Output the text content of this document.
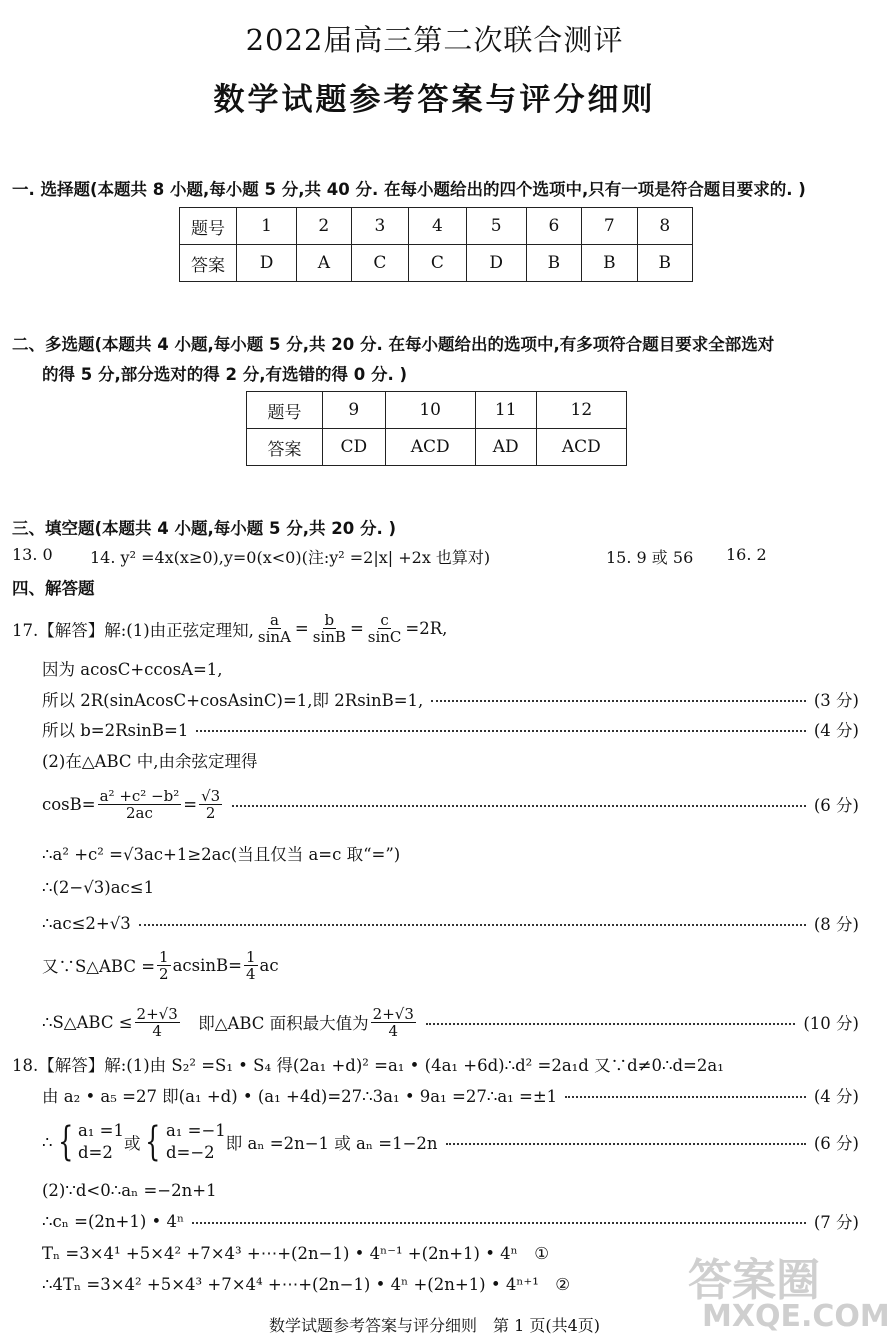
2022届高三第二次联合测评
数学试题参考答案与评分细则
一. 选择题(本题共 8 小题,每小题 5 分,共 40 分. 在每小题给出的四个选项中,只有一项是符合题目要求的. )
题号	1	2	3	4	5	6	7	8
答案	D	A	C	C	D	B	B	B
二、多选题(本题共 4 小题,每小题 5 分,共 20 分. 在每小题给出的选项中,有多项符合题目要求全部选对
的得 5 分,部分选对的得 2 分,有选错的得 0 分. )
题号	9	10	11	12
答案	CD	ACD	AD	ACD
三、填空题(本题共 4 小题,每小题 5 分,共 20 分. )
13. 0 14. y² =4x(x≥0),y=0(x<0)(注:y² =2|x| +2x 也算对)	15. 9 或 56 16. 2
四、解答题
17.【解答】解:(1)由正弦定理知, $\frac{a}{\sin A} = \frac{b}{\sin B} = \frac{c}{\sin C} =2R$,
因为 acosC+ccosA=1,
所以 2R(sinAcosC+cosAsinC)=1,即 2RsinB=1,	(3 分)
所以 b=2RsinB=1	(4 分)
(2)在△ABC 中,由余弦定理得
$\cos B= \frac{\text{a² +c² −b²}}{2ac} = \frac{√3}{2}$	(6 分)
∴a² +c² =√3ac+1≥2ac(当且仅当 a=c 取“=”)
∴(2−√3)ac≤1
∴ac≤2+√3	(8 分)
又∵S△ABC = $\frac{1}{2} acsinB= \frac{1}{4}$ ac
∴S△ABC ≤ $\frac{2+√3}{4}$ 　即△ABC 面积最大值为 $\frac{2+√3}{4}$	(10 分)
18.【解答】解:(1)由 S₂² =S₁ • S₄ 得(2a₁ +d)² =a₁ • (4a₁ +6d)∴d² =2a₁d 又∵d≠0∴d=2a₁
由 a₂ • a₅ =27 即(a₁ +d) • (a₁ +4d)=27∴3a₁ • 9a₁ =27∴a₁ =±1	(4 分)
∴ { a₁ =1
d=2 或 { a₁ =−1
d=−2 即 aₙ =2n−1 或 aₙ =1−2n	(6 分)
(2)∵d<0∴aₙ =−2n+1
∴cₙ =(2n+1) • 4ⁿ	(7 分)
Tₙ =3×4¹ +5×4² +7×4³ +⋯+(2n−1) • 4ⁿ⁻¹ +(2n+1) • 4ⁿ　①
∴4Tₙ =3×4² +5×4³ +7×4⁴ +⋯+(2n−1) • 4ⁿ +(2n+1) • 4ⁿ⁺¹　②	答案圈
MXQE.COM
数学试题参考答案与评分细则　第 1 页(共4页)
